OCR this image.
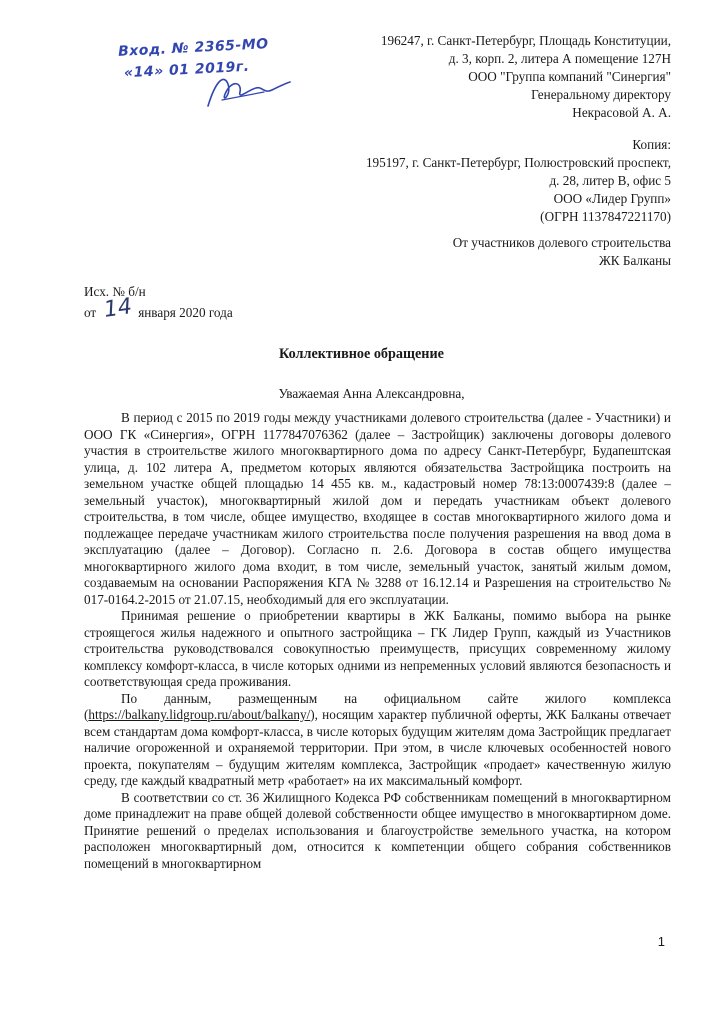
Вход. № 2365-МО
«14» 01 2019г.
196247, г. Санкт-Петербург, Площадь Конституции,
д. 3, корп. 2, литера А помещение 127Н
ООО "Группа компаний "Синергия"
Генеральному директору
Некрасовой А. А.
Копия:
195197, г. Санкт-Петербург, Полюстровский проспект,
д. 28, литер В, офис 5
ООО «Лидер Групп»
(ОГРН 1137847221170)
От участников долевого строительства
ЖК Балканы
Исх. № б/н
от 14 января 2020 года
Коллективное обращение
Уважаемая Анна Александровна,

В период с 2015 по 2019 годы между участниками долевого строительства (далее - Участники) и ООО ГК «Синергия», ОГРН 1177847076362 (далее – Застройщик) заключены договоры долевого участия в строительстве жилого многоквартирного дома по адресу Санкт-Петербург, Будапештская улица, д. 102 литера А, предметом которых являются обязательства Застройщика построить на земельном участке общей площадью 14 455 кв. м., кадастровый номер 78:13:0007439:8 (далее – земельный участок), многоквартирный жилой дом и передать участникам объект долевого строительства, в том числе, общее имущество, входящее в состав многоквартирного жилого дома и подлежащее передаче участникам жилого строительства после получения разрешения на ввод дома в эксплуатацию (далее – Договор). Согласно п. 2.6. Договора в состав общего имущества многоквартирного жилого дома входит, в том числе, земельный участок, занятый жилым домом, создаваемым на основании Распоряжения КГА № 3288 от 16.12.14 и Разрешения на строительство № 017-0164.2-2015 от 21.07.15, необходимый для его эксплуатации.

Принимая решение о приобретении квартиры в ЖК Балканы, помимо выбора на рынке строящегося жилья надежного и опытного застройщика – ГК Лидер Групп, каждый из Участников строительства руководствовался совокупностью преимуществ, присущих современному жилому комплексу комфорт-класса, в числе которых одними из непременных условий являются безопасность и соответствующая среда проживания.

По данным, размещенным на официальном сайте жилого комплекса (https://balkany.lidgroup.ru/about/balkany/), носящим характер публичной оферты, ЖК Балканы отвечает всем стандартам дома комфорт-класса, в числе которых будущим жителям дома Застройщик предлагает наличие огороженной и охраняемой территории. При этом, в числе ключевых особенностей нового проекта, покупателям – будущим жителям комплекса, Застройщик «продает» качественную жилую среду, где каждый квадратный метр «работает» на их максимальный комфорт.

В соответствии со ст. 36 Жилищного Кодекса РФ собственникам помещений в многоквартирном доме принадлежит на праве общей долевой собственности общее имущество в многоквартирном доме. Принятие решений о пределах использования и благоустройстве земельного участка, на котором расположен многоквартирный дом, относится к компетенции общего собрания собственников помещений в многоквартирном

1
